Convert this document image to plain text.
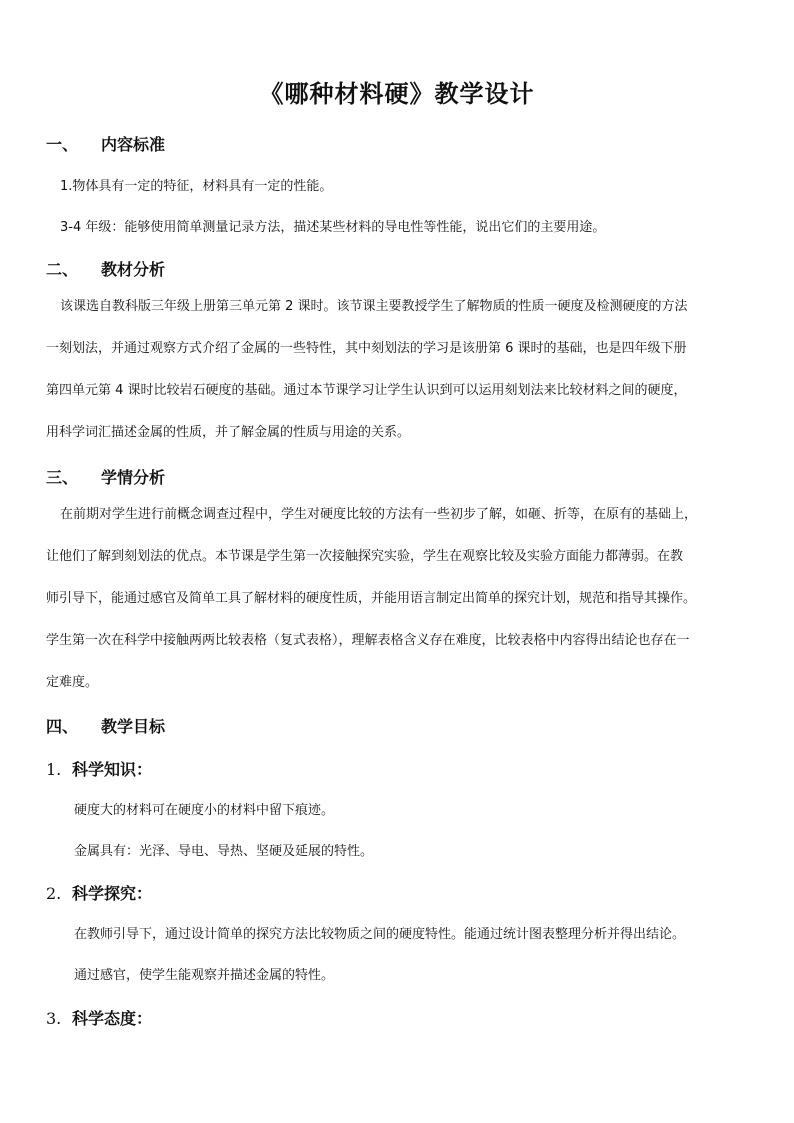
《哪种材料硬》教学设计
一、 内容标准
1.物体具有一定的特征，材料具有一定的性能。
3-4 年级：能够使用简单测量记录方法，描述某些材料的导电性等性能，说出它们的主要用途。
二、 教材分析
该课选自教科版三年级上册第三单元第 2 课时。该节课主要教授学生了解物质的性质一硬度及检测硬度的方法
一刻划法，并通过观察方式介绍了金属的一些特性，其中刻划法的学习是该册第 6 课时的基础，也是四年级下册
第四单元第 4 课时比较岩石硬度的基础。通过本节课学习让学生认识到可以运用刻划法来比较材料之间的硬度，
用科学词汇描述金属的性质，并了解金属的性质与用途的关系。
三、 学情分析
在前期对学生进行前概念调查过程中，学生对硬度比较的方法有一些初步了解，如砸、折等，在原有的基础上，
让他们了解到刻划法的优点。本节课是学生第一次接触探究实验，学生在观察比较及实验方面能力都薄弱。在教
师引导下，能通过感官及简单工具了解材料的硬度性质，并能用语言制定出简单的探究计划，规范和指导其操作。
学生第一次在科学中接触两两比较表格（复式表格），理解表格含义存在难度，比较表格中内容得出结论也存在一
定难度。
四、 教学目标
1. 科学知识：
硬度大的材料可在硬度小的材料中留下痕迹。
金属具有：光泽、导电、导热、坚硬及延展的特性。
2. 科学探究：
在教师引导下，通过设计简单的探究方法比较物质之间的硬度特性。能通过统计图表整理分析并得出结论。
通过感官，使学生能观察并描述金属的特性。
3. 科学态度：
